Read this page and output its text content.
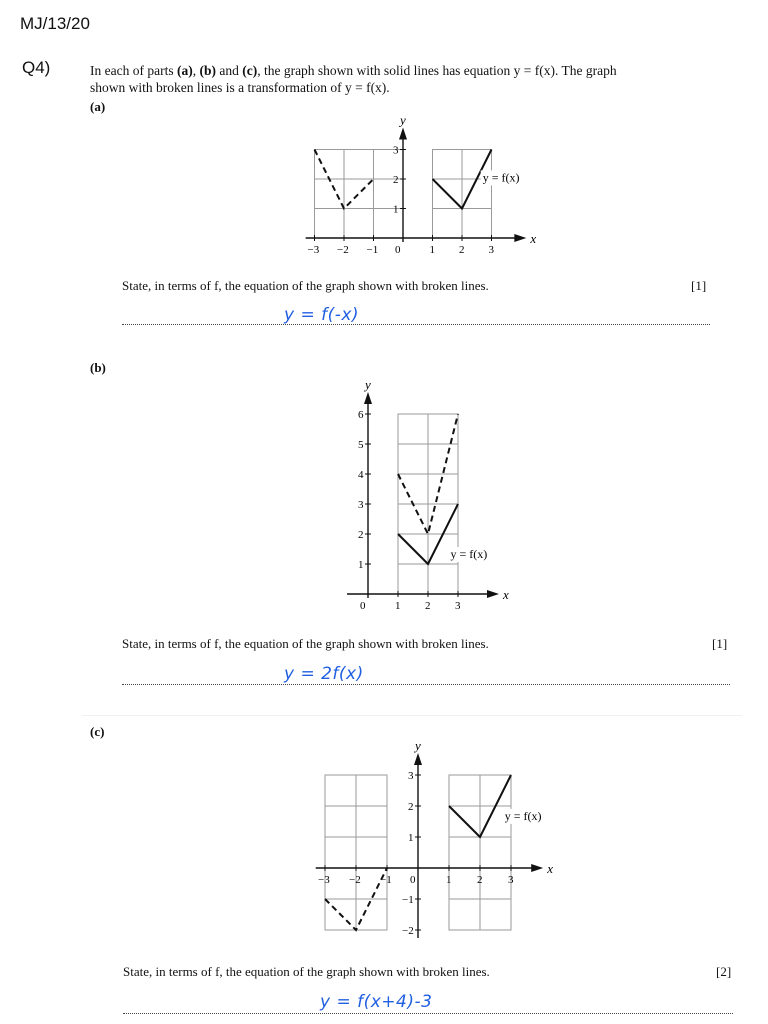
MJ/13/20
Q4)	In each of parts (a), (b) and (c), the graph shown with solid lines has equation y = f(x). The graph
shown with broken lines is a transformation of y = f(x).
(a)
x
y
−3 −2 −1 0	1 2 3
1
2
3
y = f(x)
State, in terms of f, the equation of the graph shown with broken lines.	[1]
y = f(-x)
(b)
x
y
0	1 2 3
1
2
3
4
5
6
y = f(x)
State, in terms of f, the equation of the graph shown with broken lines.	[1]
y = 2f(x)
(c)
x
y
−3 −2 −1 0	1 2 3
−2
−1
1
2
3
y = f(x)
State, in terms of f, the equation of the graph shown with broken lines.	[2]
y = f(x+4)-3
